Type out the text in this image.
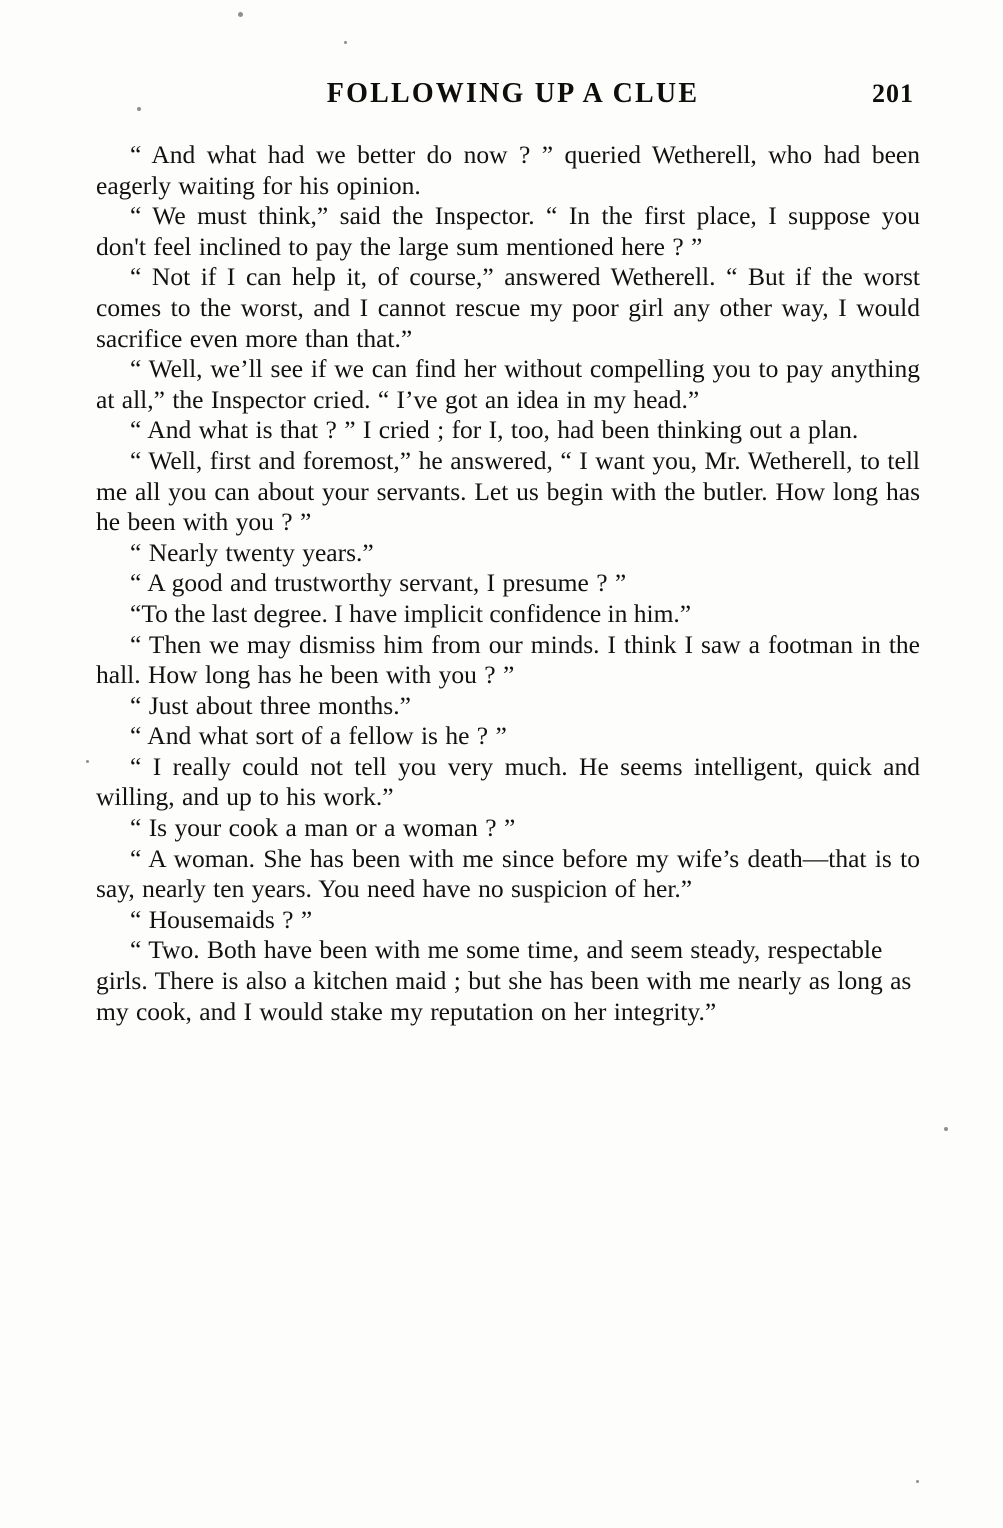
FOLLOWING UP A CLUE	201

“ And what had we better do now ? ” queried Wetherell, who had been eagerly waiting for his opinion.

“ We must think,” said the Inspector. “ In the first place, I suppose you don't feel inclined to pay the large sum mentioned here ? ”

“ Not if I can help it, of course,” answered Wetherell. “ But if the worst comes to the worst, and I cannot rescue my poor girl any other way, I would sacrifice even more than that.”

“ Well, we’ll see if we can find her without compelling you to pay anything at all,” the Inspector cried. “ I’ve got an idea in my head.”

“ And what is that ? ” I cried ; for I, too, had been thinking out a plan.

“ Well, first and foremost,” he answered, “ I want you, Mr. Wetherell, to tell me all you can about your servants. Let us begin with the butler. How long has he been with you ? ”

“ Nearly twenty years.”

“ A good and trustworthy servant, I presume ? ”

“To the last degree. I have implicit confidence in him.”

“ Then we may dismiss him from our minds. I think I saw a footman in the hall. How long has he been with you ? ”

“ Just about three months.”

“ And what sort of a fellow is he ? ”

“ I really could not tell you very much. He seems intelligent, quick and willing, and up to his work.”

“ Is your cook a man or a woman ? ”

“ A woman. She has been with me since before my wife’s death—that is to say, nearly ten years. You need have no suspicion of her.”

“ Housemaids ? ”

“ Two. Both have been with me some time, and seem steady, respectable girls. There is also a kitchen maid ; but she has been with me nearly as long as my cook, and I would stake my reputation on her integrity.”
